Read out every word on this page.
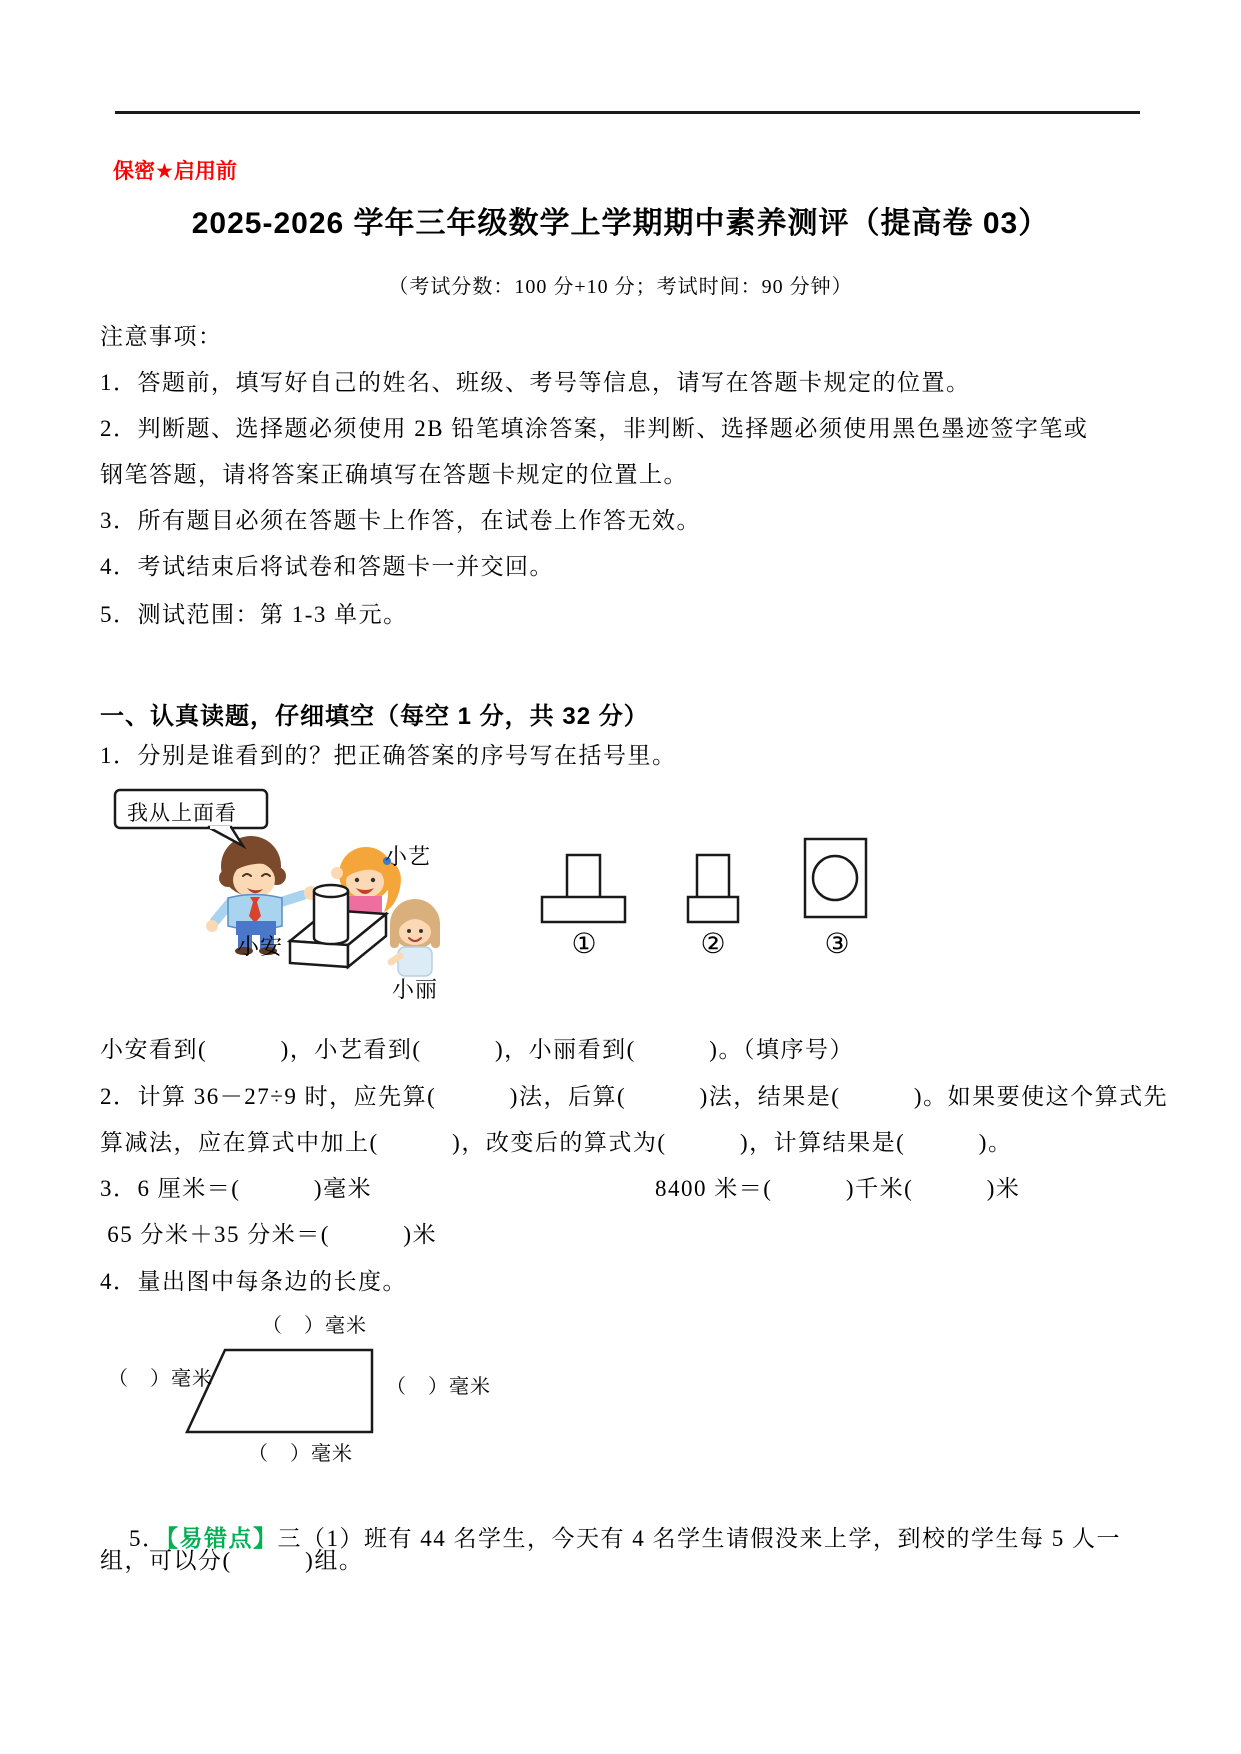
保密★启用前
2025-2026 学年三年级数学上学期期中素养测评（提高卷 03）
（考试分数：100 分+10 分；考试时间：90 分钟）
注意事项：
1．答题前，填写好自己的姓名、班级、考号等信息，请写在答题卡规定的位置。
2．判断题、选择题必须使用 2B 铅笔填涂答案，非判断、选择题必须使用黑色墨迹签字笔或
钢笔答题，请将答案正确填写在答题卡规定的位置上。
3．所有题目必须在答题卡上作答，在试卷上作答无效。
4．考试结束后将试卷和答题卡一并交回。
5．测试范围：第 1-3 单元。
一、认真读题，仔细填空（每空 1 分，共 32 分）
1．分别是谁看到的？把正确答案的序号写在括号里。
我从上面看
小艺
小安
小丽
①	②	③
小安看到(　　　)，小艺看到(　　　)，小丽看到(　　　)。（填序号）
2．计算 36－27÷9 时，应先算(　　　)法，后算(　　　)法，结果是(　　　)。如果要使这个算式先
算减法，应在算式中加上(　　　)，改变后的算式为(　　　)，计算结果是(　　　)。
3．6 厘米＝(　　　)毫米	8400 米＝(　　　)千米(　　　)米
65 分米＋35 分米＝(　　　)米
4．量出图中每条边的长度。
（　）毫米
（　）毫米	（　）毫米
（　）毫米

5．【易错点】三（1）班有 44 名学生，今天有 4 名学生请假没来上学，到校的学生每 5 人一

组，可以分(　　　)组。
